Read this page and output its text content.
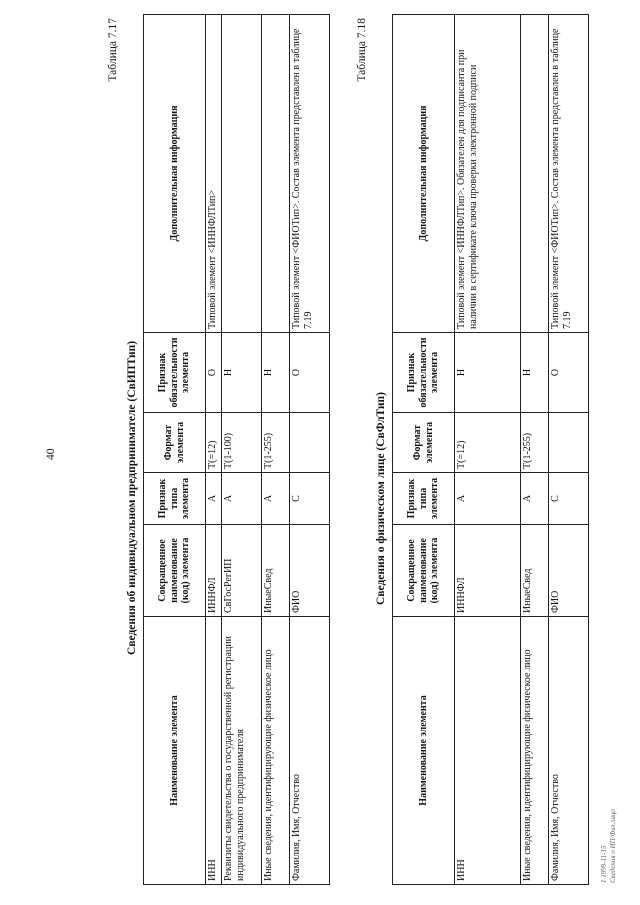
40
Таблица 7.17
Сведения об индивидуальном предпринимателе (СвИПТип)
Наименование элемента	Сокращенное наименование (код) элемента	Признак типа элемента	Формат элемента	Признак обязательности элемента	Дополнительная информация
ИНН	ИННФЛ	А	T(=12)	О	Типовой элемент <ИННФЛТип>
Реквизиты свидетельства о государственной регистрации индивидуального предпринимателя	СвГосРегИП	А	T(1-100)	Н	
Иные сведения, идентифицирующие физическое лицо	ИныеСвед	А	T(1-255)	Н	
Фамилия, Имя, Отчество	ФИО	С		О	Типовой элемент <ФИОТип>. Состав элемента представлен в таблице 7.19
Таблица 7.18
Сведения о физическом лице (СвФлТип)
Наименование элемента	Сокращенное наименование (код) элемента	Признак типа элемента	Формат элемента	Признак обязательности элемента	Дополнительная информация
ИНН	ИННФЛ	А	T(=12)	Н	Типовой элемент <ИННФЛТип>. Обязателен для подписанта при наличии в сертификате ключа проверки электронной подписи
Иные сведения, идентифицирующие физическое лицо	ИныеСвед	А	T(1-255)	Н	
Фамилия, Имя, Отчество	ФИО	С		О	Типовой элемент <ФИОТип>. Состав элемента представлен в таблице 7.19
1 1999-11-15 Сведения о ИП/Физ.лицо
